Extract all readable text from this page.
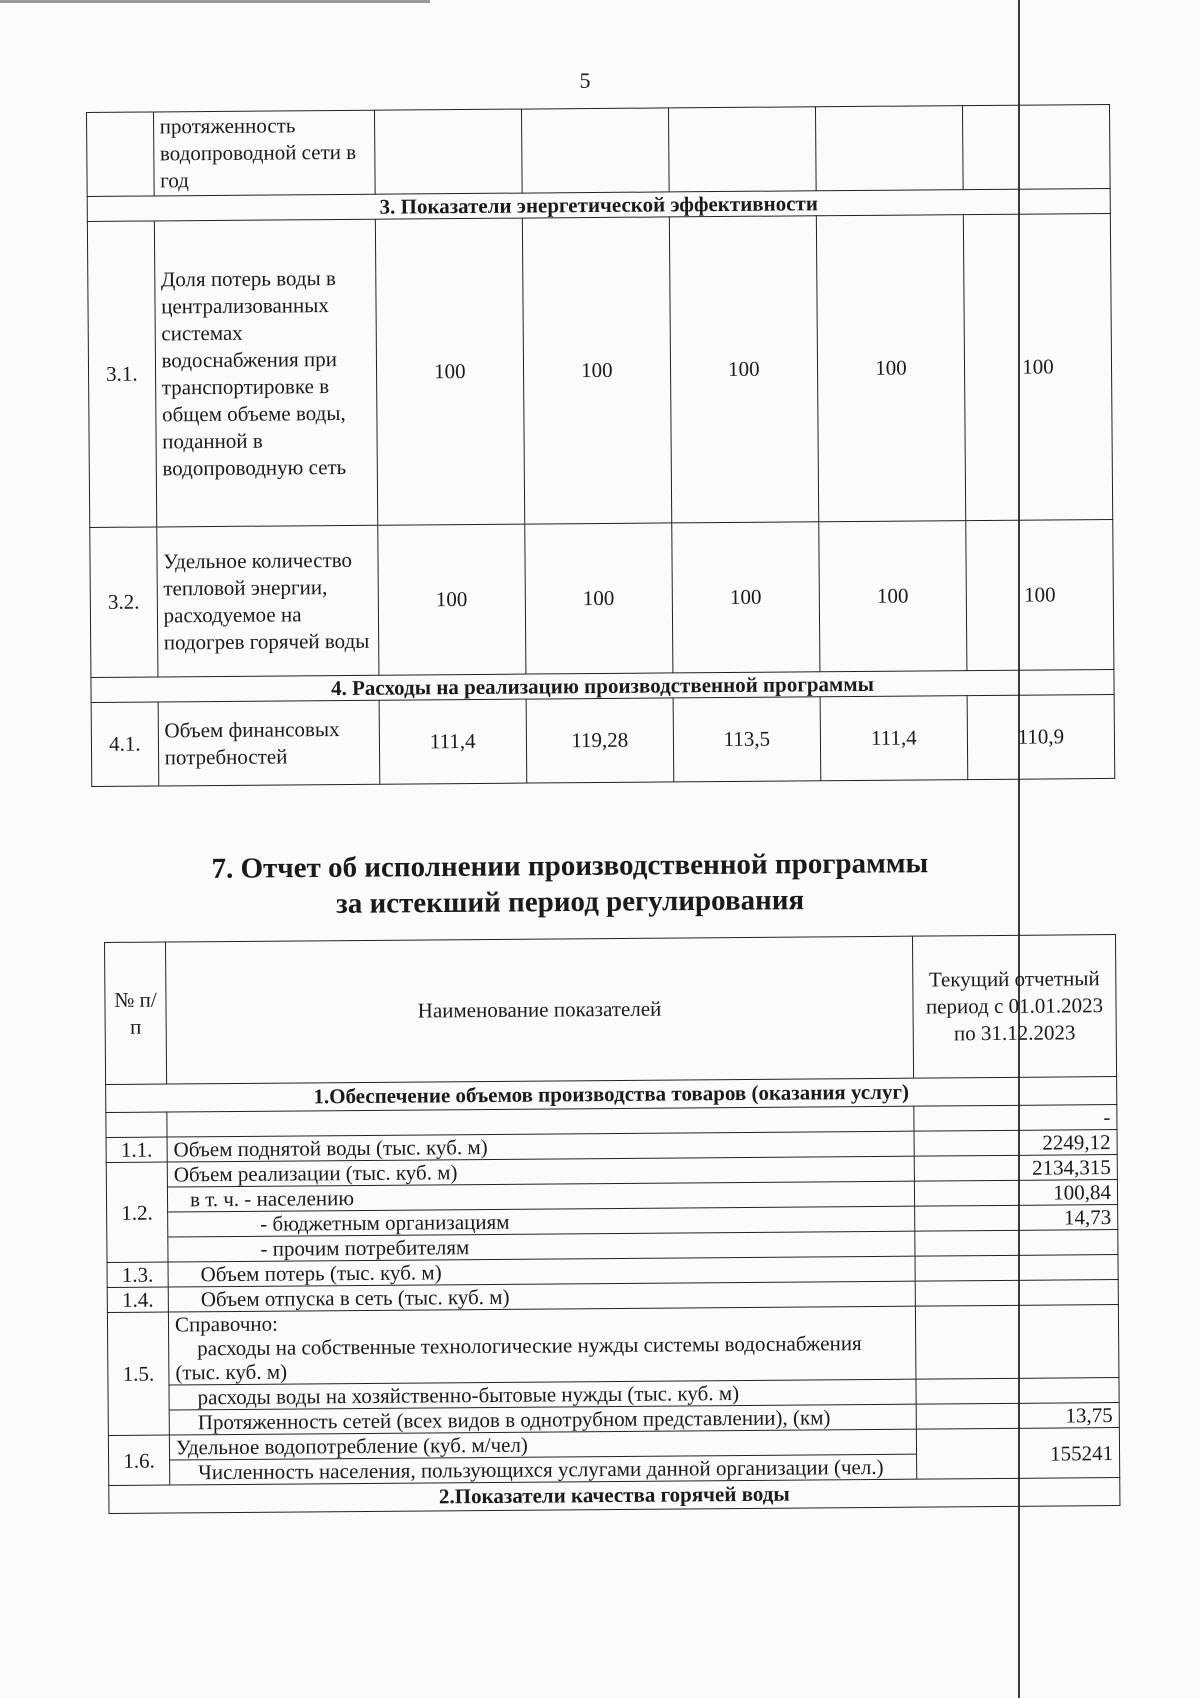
5
	протяженность водопроводной сети в год					
3. Показатели энергетической эффективности						
3.1.	Доля потерь воды в централизованных системах водоснабжения при транспортировке в общем объеме воды, поданной в водопроводную сеть	100	100	100	100	100
3.2.	Удельное количество тепловой энергии, расходуемое на подогрев горячей воды	100	100	100	100	100
4. Расходы на реализацию производственной программы						
4.1.	Объем финансовых потребностей	111,4	119,28	113,5	111,4	110,9
7. Отчет об исполнении производственной программы
за истекший период регулирования
№ п/п	Наименование показателей	Текущий отчетный период с 01.01.2023 по 31.12.2023
1.Обеспечение объемов производства товаров (оказания услуг)		
		-
1.1.	Объем поднятой воды (тыс. куб. м)	2249,12
1.2.	Объем реализации (тыс. куб. м)	2134,315
	в т. ч. - населению	100,84
	- бюджетным организациям	14,73
	- прочим потребителям	
1.3.	Объем потерь (тыс. куб. м)	
1.4.	Объем отпуска в сеть (тыс. куб. м)	
1.5.	Справочно:
расходы на собственные технологические нужды системы водоснабжения (тыс. куб. м)	

	расходы воды на хозяйственно-бытовые нужды (тыс. куб. м)	
	Протяженность сетей (всех видов в однотрубном представлении), (км)	13,75
1.6.	Удельное водопотребление (куб. м/чел)	155241
	Численность населения, пользующихся услугами данной организации (чел.)	
2.Показатели качества горячей воды		
